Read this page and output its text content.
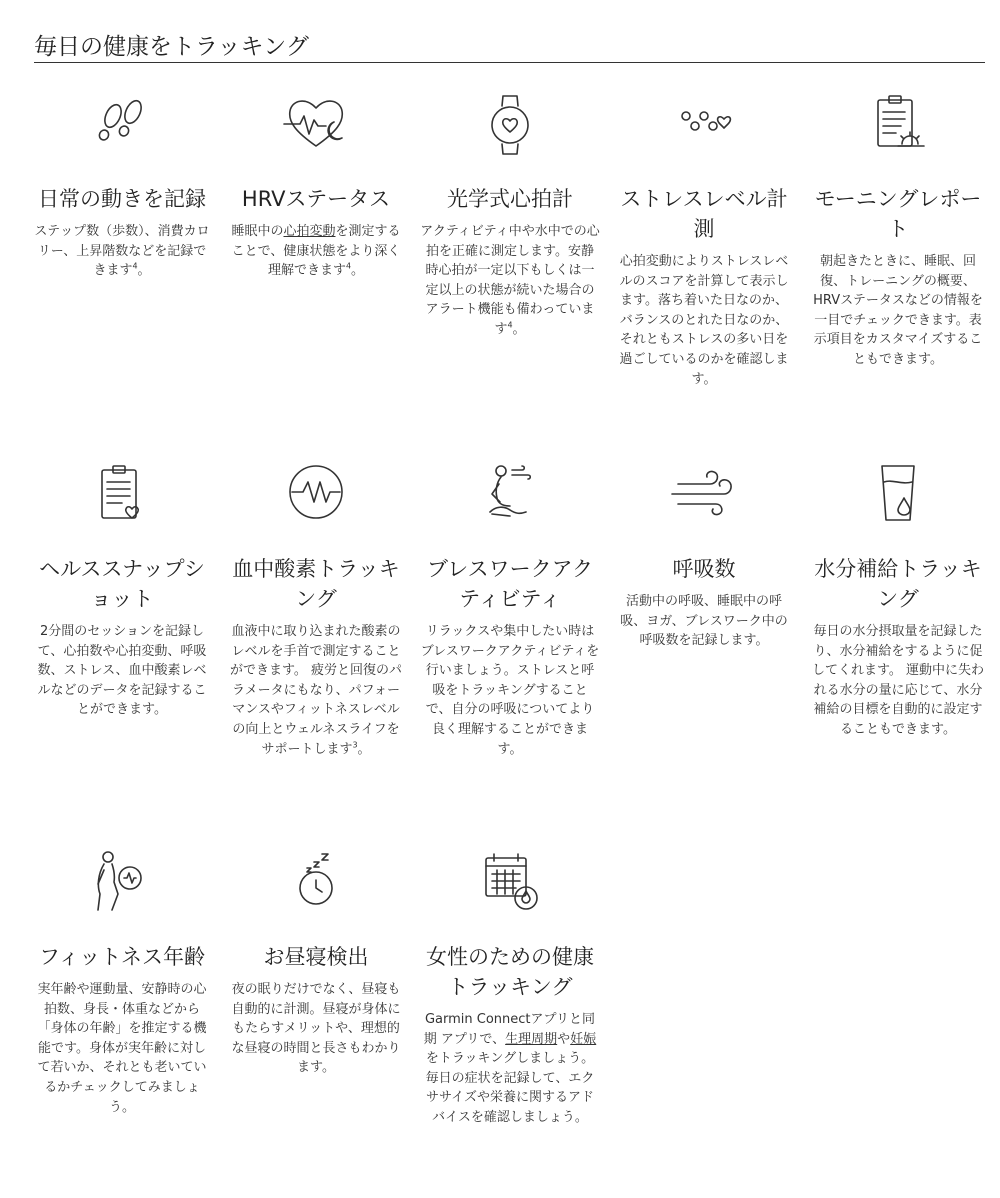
毎日の健康をトラッキング
日常の動きを記録
ステップ数（歩数）、消費カロリー、上昇階数などを記録できます$^4$。
HRVステータス
睡眠中の心拍変動を測定することで、健康状態をより深く理解できます$^4$。
光学式心拍計
アクティビティ中や水中での心拍を正確に測定します。安静時心拍が一定以下もしくは一定以上の状態が続いた場合のアラート機能も備わっています$^4$。
ストレスレベル計測
心拍変動によりストレスレベルのスコアを計算して表示します。落ち着いた日なのか、バランスのとれた日なのか、それともストレスの多い日を過ごしているのかを確認します。
モーニングレポート
朝起きたときに、睡眠、回復、トレーニングの概要、HRVステータスなどの情報を一目でチェックできます。表示項目をカスタマイズすることもできます。
ヘルススナップショット
2分間のセッションを記録して、心拍数や心拍変動、呼吸数、ストレス、血中酸素レベルなどのデータを記録することができます。
血中酸素トラッキング
血液中に取り込まれた酸素のレベルを手首で測定することができます。 疲労と回復のパラメータにもなり、パフォーマンスやフィットネスレベルの向上とウェルネスライフをサポートします$^3$。
ブレスワークアクティビティ
リラックスや集中したい時はブレスワークアクティビティを行いましょう。ストレスと呼吸をトラッキングすることで、自分の呼吸についてより良く理解することができます。
呼吸数
活動中の呼吸、睡眠中の呼吸、ヨガ、ブレスワーク中の呼吸数を記録します。
水分補給トラッキング
毎日の水分摂取量を記録したり、水分補給をするように促してくれます。 運動中に失われる水分の量に応じて、水分補給の目標を自動的に設定することもできます。
フィットネス年齢
実年齢や運動量、安静時の心拍数、身長・体重などから「身体の年齢」を推定する機能です。身体が実年齢に対して若いか、それとも老いているかチェックしてみましょう。
お昼寝検出
夜の眠りだけでなく、昼寝も自動的に計測。昼寝が身体にもたらすメリットや、理想的な昼寝の時間と長さもわかります。
女性のための健康トラッキング
Garmin Connectアプリと同期 アプリで、生理周期や妊娠をトラッキングしましょう。毎日の症状を記録して、エクササイズや栄養に関するアドバイスを確認しましょう。
